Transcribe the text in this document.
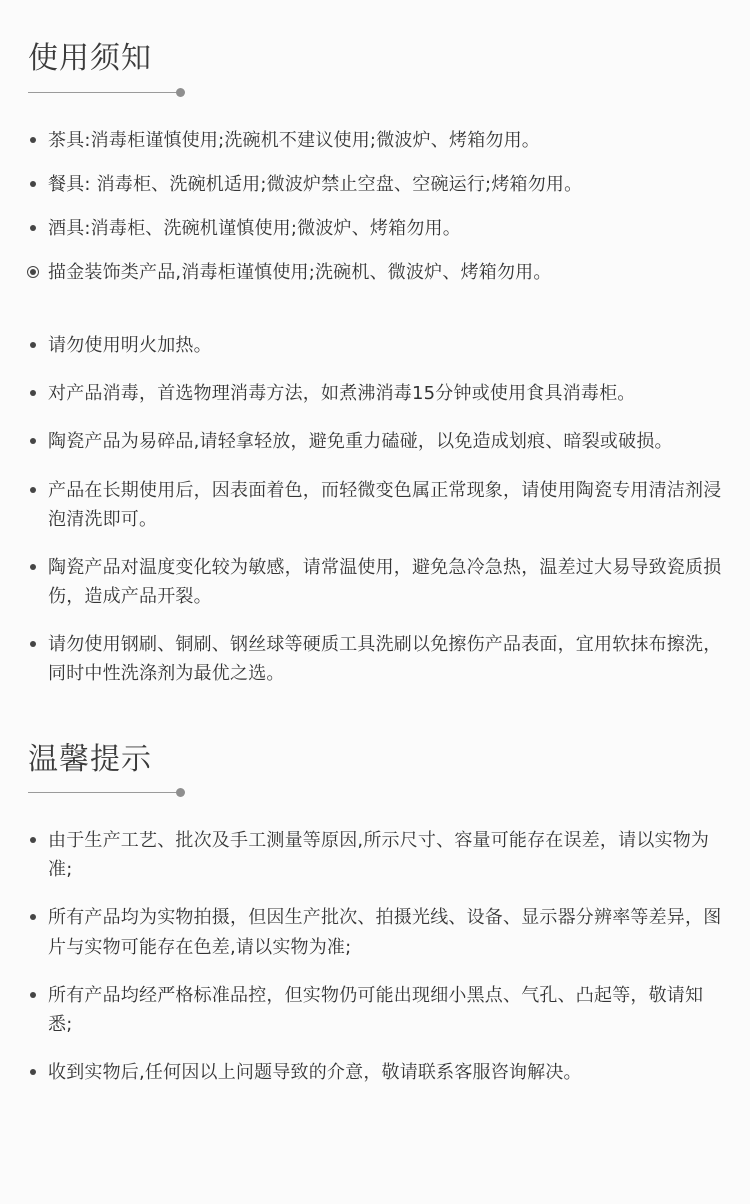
使用须知
茶具:消毒柜谨慎使用;洗碗机不建议使用;微波炉、烤箱勿用。
餐具: 消毒柜、洗碗机适用;微波炉禁止空盘、空碗运行;烤箱勿用。
酒具:消毒柜、洗碗机谨慎使用;微波炉、烤箱勿用。
描金装饰类产品,消毒柜谨慎使用;洗碗机、微波炉、烤箱勿用。
请勿使用明火加热。
对产品消毒，首选物理消毒方法，如煮沸消毒15分钟或使用食具消毒柜。
陶瓷产品为易碎品,请轻拿轻放，避免重力磕碰，以免造成划痕、暗裂或破损。
产品在长期使用后，因表面着色，而轻微变色属正常现象，请使用陶瓷专用清洁剂浸泡清洗即可。
陶瓷产品对温度变化较为敏感，请常温使用，避免急冷急热，温差过大易导致瓷质损伤，造成产品开裂。
请勿使用钢刷、铜刷、钢丝球等硬质工具洗刷以免擦伤产品表面，宜用软抹布擦洗，同时中性洗涤剂为最优之选。
温馨提示
由于生产工艺、批次及手工测量等原因,所示尺寸、容量可能存在误差，请以实物为准;
所有产品均为实物拍摄，但因生产批次、拍摄光线、设备、显示器分辨率等差异，图片与实物可能存在色差,请以实物为准;
所有产品均经严格标准品控，但实物仍可能出现细小黑点、气孔、凸起等，敬请知悉;
收到实物后,任何因以上问题导致的介意，敬请联系客服咨询解决。
